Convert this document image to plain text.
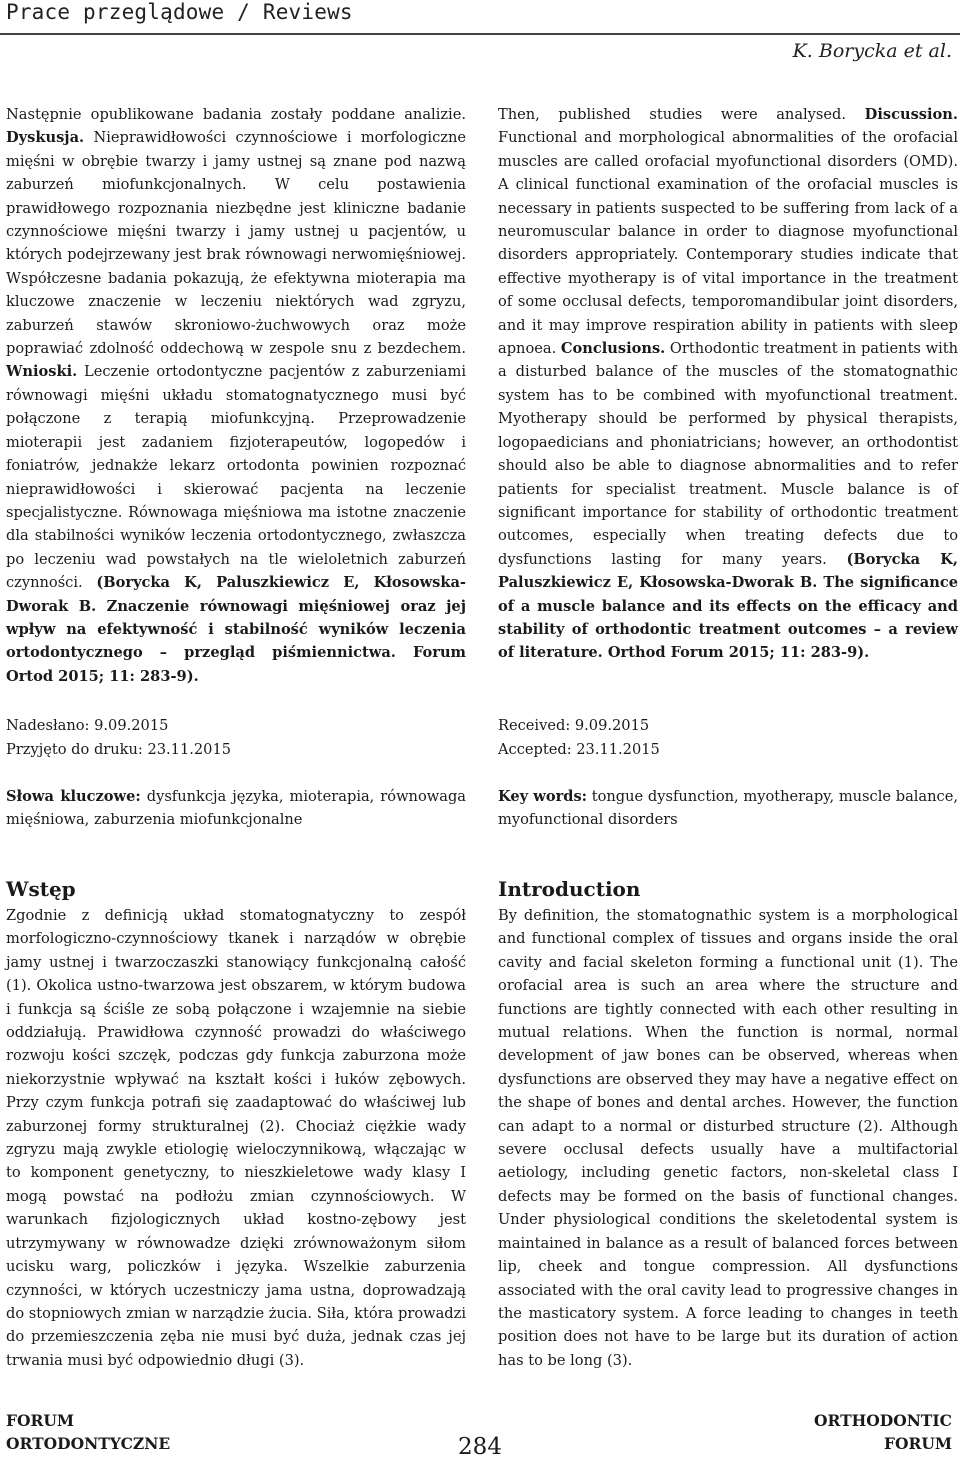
Prace przeglądowe / Reviews
K. Borycka et al.

Następnie opublikowane badania zostały poddane analizie. Dyskusja. Nieprawidłowości czynnościowe i morfologiczne mięśni w obrębie twarzy i jamy ustnej są znane pod nazwą zaburzeń miofunkcjonalnych. W celu postawienia prawidłowego rozpoznania niezbędne jest kliniczne badanie czynnościowe mięśni twarzy i jamy ustnej u pacjentów, u których podejrzewany jest brak równowagi nerwomięśniowej. Współczesne badania pokazują, że efektywna mioterapia ma kluczowe znaczenie w leczeniu niektórych wad zgryzu, zaburzeń stawów skroniowo-żuchwowych oraz może poprawiać zdolność oddechową w zespole snu z bezdechem. Wnioski. Leczenie ortodontyczne pacjentów z zaburzeniami równowagi mięśni układu stomatognatycznego musi być połączone z terapią miofunkcyjną. Przeprowadzenie mioterapii jest zadaniem fizjoterapeutów, logopedów i foniatrów, jednakże lekarz ortodonta powinien rozpoznać nieprawidłowości i skierować pacjenta na leczenie specjalistyczne. Równowaga mięśniowa ma istotne znaczenie dla stabilności wyników leczenia ortodontycznego, zwłaszcza po leczeniu wad powstałych na tle wieloletnich zaburzeń czynności. (Borycka K, Paluszkiewicz E, Kłosowska-Dworak B. Znaczenie równowagi mięśniowej oraz jej wpływ na efektywność i stabilność wyników leczenia ortodontycznego – przegląd piśmiennictwa. Forum Ortod 2015; 11: 283-9).

Then, published studies were analysed. Discussion. Functional and morphological abnormalities of the orofacial muscles are called orofacial myofunctional disorders (OMD). A clinical functional examination of the orofacial muscles is necessary in patients suspected to be suffering from lack of a neuromuscular balance in order to diagnose myofunctional disorders appropriately. Contemporary studies indicate that effective myotherapy is of vital importance in the treatment of some occlusal defects, temporomandibular joint disorders, and it may improve respiration ability in patients with sleep apnoea. Conclusions. Orthodontic treatment in patients with a disturbed balance of the muscles of the stomatognathic system has to be combined with myofunctional treatment. Myotherapy should be performed by physical therapists, logopaedicians and phoniatricians; however, an orthodontist should also be able to diagnose abnormalities and to refer patients for specialist treatment. Muscle balance is of significant importance for stability of orthodontic treatment outcomes, especially when treating defects due to dysfunctions lasting for many years. (Borycka K, Paluszkiewicz E, Kłosowska-Dworak B. The significance of a muscle balance and its effects on the efficacy and stability of orthodontic treatment outcomes – a review of literature. Orthod Forum 2015; 11: 283-9).

Nadesłano: 9.09.2015
Przyjęto do druku: 23.11.2015
Received: 9.09.2015
Accepted: 23.11.2015
Słowa kluczowe: dysfunkcja języka, mioterapia, równowaga mięśniowa, zaburzenia miofunkcjonalne
Key words: tongue dysfunction, myotherapy, muscle balance, myofunctional disorders
Wstęp

Zgodnie z definicją układ stomatognatyczny to zespół morfologiczno-czynnościowy tkanek i narządów w obrębie jamy ustnej i twarzoczaszki stanowiący funkcjonalną całość (1). Okolica ustno-twarzowa jest obszarem, w którym budowa i funkcja są ściśle ze sobą połączone i wzajemnie na siebie oddziałują. Prawidłowa czynność prowadzi do właściwego rozwoju kości szczęk, podczas gdy funkcja zaburzona może niekorzystnie wpływać na kształt kości i łuków zębowych. Przy czym funkcja potrafi się zaadaptować do właściwej lub zaburzonej formy strukturalnej (2). Chociaż ciężkie wady zgryzu mają zwykle etiologię wieloczynnikową, włączając w to komponent genetyczny, to nieszkieletowe wady klasy I mogą powstać na podłożu zmian czynnościowych. W warunkach fizjologicznych układ kostno-zębowy jest utrzymywany w równowadze dzięki zrównoważonym siłom ucisku warg, policzków i języka. Wszelkie zaburzenia czynności, w których uczestniczy jama ustna, doprowadzają do stopniowych zmian w narządzie żucia. Siła, która prowadzi do przemieszczenia zęba nie musi być duża, jednak czas jej trwania musi być odpowiednio długi (3).

Introduction

By definition, the stomatognathic system is a morphological and functional complex of tissues and organs inside the oral cavity and facial skeleton forming a functional unit (1). The orofacial area is such an area where the structure and functions are tightly connected with each other resulting in mutual relations. When the function is normal, normal development of jaw bones can be observed, whereas when dysfunctions are observed they may have a negative effect on the shape of bones and dental arches. However, the function can adapt to a normal or disturbed structure (2). Although severe occlusal defects usually have a multifactorial aetiology, including genetic factors, non-skeletal class I defects may be formed on the basis of functional changes. Under physiological conditions the skeletodental system is maintained in balance as a result of balanced forces between lip, cheek and tongue compression. All dysfunctions associated with the oral cavity lead to progressive changes in the masticatory system. A force leading to changes in teeth position does not have to be large but its duration of action has to be long (3).

FORUM
ORTODONTYCZNE	284
ORTHODONTIC
FORUM
